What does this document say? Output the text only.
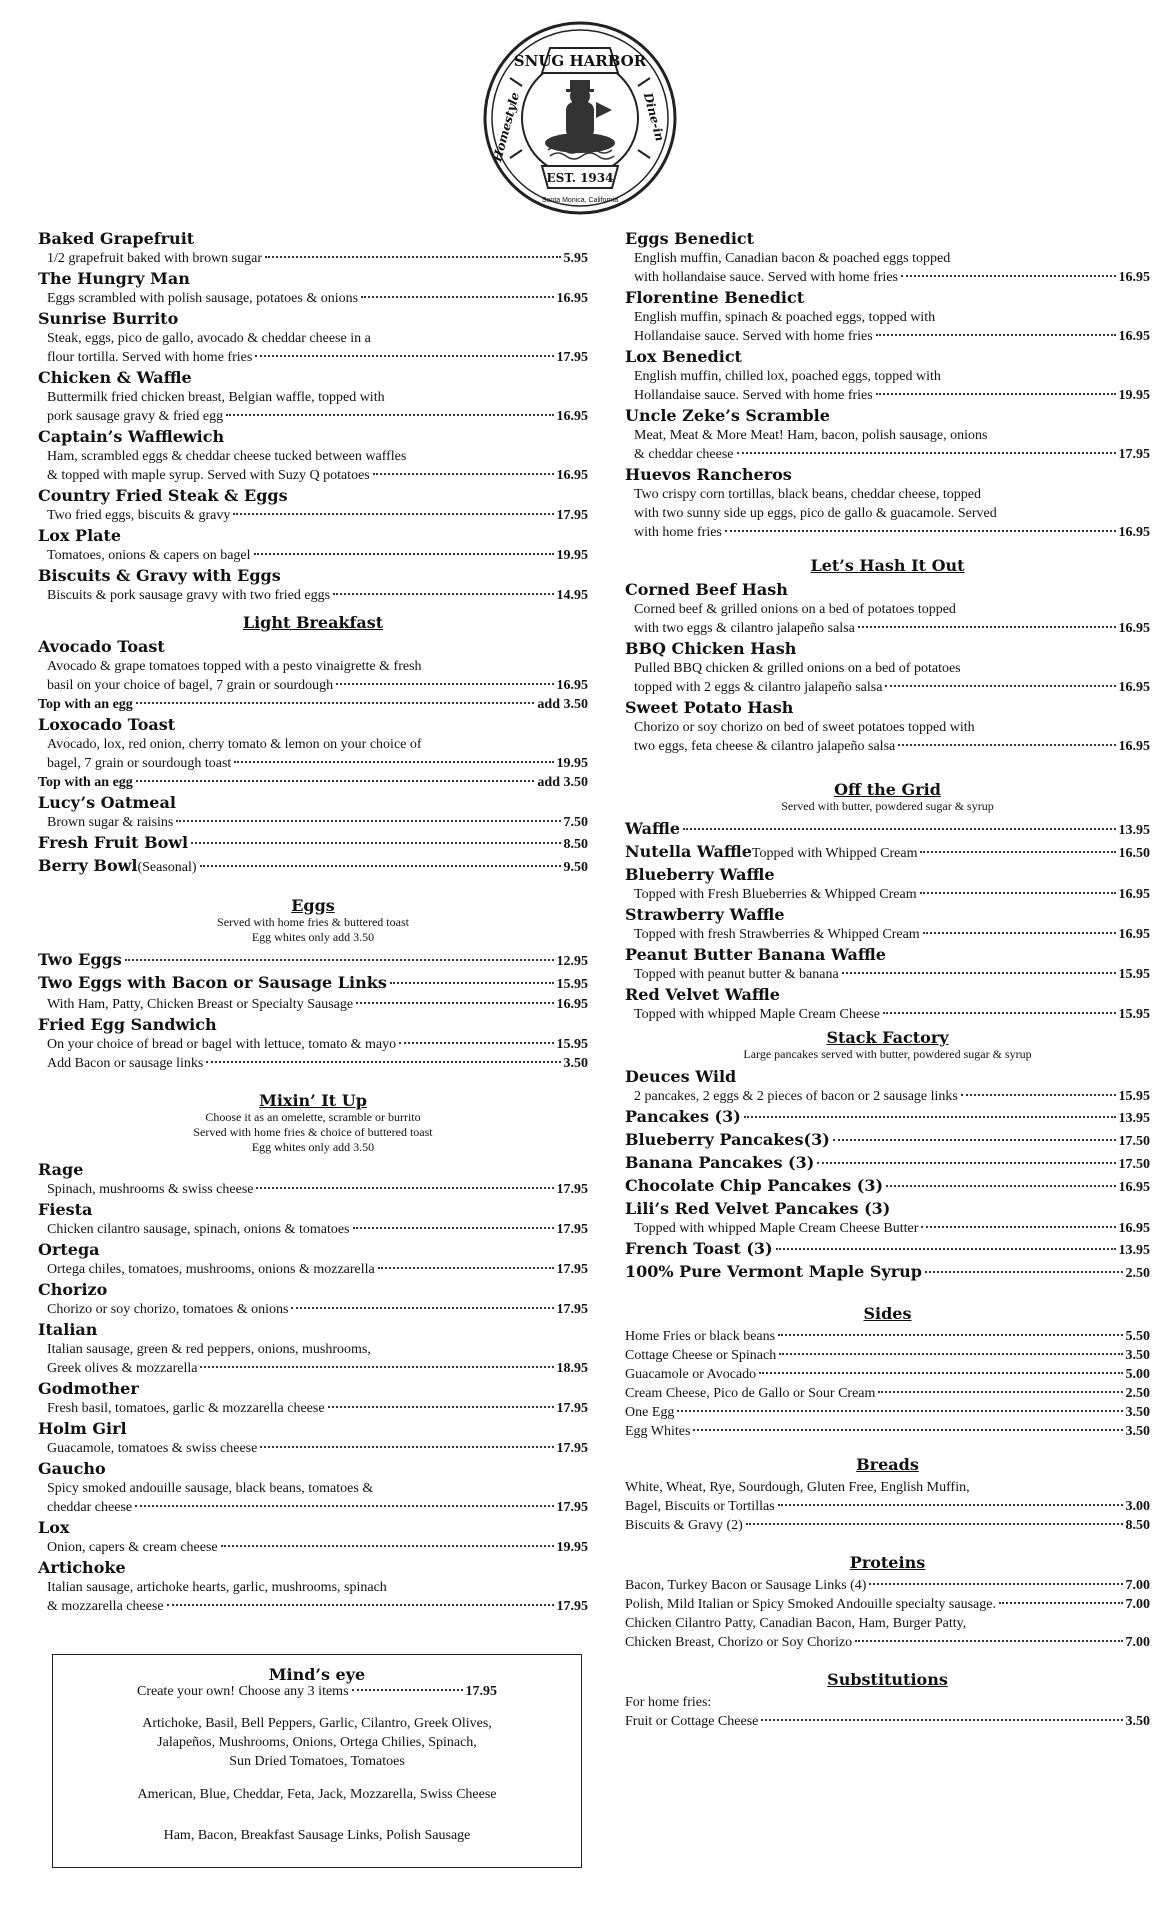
SNUG HARBOR
Homestyle	Dine-in
EST. 1934
Santa Monica, California
Baked Grapefruit
1/2 grapefruit baked with brown sugar	5.95
The Hungry Man
Eggs scrambled with polish sausage, potatoes & onions	16.95
Sunrise Burrito
Steak, eggs, pico de gallo, avocado & cheddar cheese in a
flour tortilla. Served with home fries	17.95
Chicken & Waffle
Buttermilk fried chicken breast, Belgian waffle, topped with
pork sausage gravy & fried egg	16.95
Captain’s Wafflewich
Ham, scrambled eggs & cheddar cheese tucked between waffles
& topped with maple syrup. Served with Suzy Q potatoes	16.95
Country Fried Steak & Eggs
Two fried eggs, biscuits & gravy	17.95
Lox Plate
Tomatoes, onions & capers on bagel	19.95
Biscuits & Gravy with Eggs
Biscuits & pork sausage gravy with two fried eggs	14.95
Light Breakfast
Avocado Toast
Avocado & grape tomatoes topped with a pesto vinaigrette & fresh
basil on your choice of bagel, 7 grain or sourdough	16.95
Top with an egg	add 3.50
Loxocado Toast
Avocado, lox, red onion, cherry tomato & lemon on your choice of
bagel, 7 grain or sourdough toast	19.95
Top with an egg	add 3.50
Lucy’s Oatmeal
Brown sugar & raisins	7.50
Fresh Fruit Bowl	8.50
Berry Bowl (Seasonal)	9.50
Eggs
Served with home fries & buttered toast
Egg whites only add 3.50
Two Eggs	12.95
Two Eggs with Bacon or Sausage Links	15.95
With Ham, Patty, Chicken Breast or Specialty Sausage	16.95
Fried Egg Sandwich
On your choice of bread or bagel with lettuce, tomato & mayo	15.95
Add Bacon or sausage links	3.50
Mixin’ It Up
Choose it as an omelette, scramble or burrito
Served with home fries & choice of buttered toast
Egg whites only add 3.50
Rage
Spinach, mushrooms & swiss cheese	17.95
Fiesta
Chicken cilantro sausage, spinach, onions & tomatoes	17.95
Ortega
Ortega chiles, tomatoes, mushrooms, onions & mozzarella	17.95
Chorizo
Chorizo or soy chorizo, tomatoes & onions	17.95
Italian
Italian sausage, green & red peppers, onions, mushrooms,
Greek olives & mozzarella	18.95
Godmother
Fresh basil, tomatoes, garlic & mozzarella cheese	17.95
Holm Girl
Guacamole, tomatoes & swiss cheese	17.95
Gaucho
Spicy smoked andouille sausage, black beans, tomatoes &
cheddar cheese	17.95
Lox
Onion, capers & cream cheese	19.95
Artichoke
Italian sausage, artichoke hearts, garlic, mushrooms, spinach
& mozzarella cheese	17.95
Eggs Benedict
English muffin, Canadian bacon & poached eggs topped
with hollandaise sauce. Served with home fries	16.95
Florentine Benedict
English muffin, spinach & poached eggs, topped with
Hollandaise sauce. Served with home fries	16.95
Lox Benedict
English muffin, chilled lox, poached eggs, topped with
Hollandaise sauce. Served with home fries	19.95
Uncle Zeke’s Scramble
Meat, Meat & More Meat! Ham, bacon, polish sausage, onions
& cheddar cheese	17.95
Huevos Rancheros
Two crispy corn tortillas, black beans, cheddar cheese, topped
with two sunny side up eggs, pico de gallo & guacamole. Served
with home fries	16.95
Let’s Hash It Out
Corned Beef Hash
Corned beef & grilled onions on a bed of potatoes topped
with two eggs & cilantro jalapeño salsa	16.95
BBQ Chicken Hash
Pulled BBQ chicken & grilled onions on a bed of potatoes
topped with 2 eggs & cilantro jalapeño salsa	16.95
Sweet Potato Hash
Chorizo or soy chorizo on bed of sweet potatoes topped with
two eggs, feta cheese & cilantro jalapeño salsa	16.95
Off the Grid
Served with butter, powdered sugar & syrup
Waffle	13.95
Nutella Waffle Topped with Whipped Cream	16.50
Blueberry Waffle
Topped with Fresh Blueberries & Whipped Cream	16.95
Strawberry Waffle
Topped with fresh Strawberries & Whipped Cream	16.95
Peanut Butter Banana Waffle
Topped with peanut butter & banana	15.95
Red Velvet Waffle
Topped with whipped Maple Cream Cheese	15.95
Stack Factory
Large pancakes served with butter, powdered sugar & syrup
Deuces Wild
2 pancakes, 2 eggs & 2 pieces of bacon or 2 sausage links	15.95
Pancakes (3)	13.95
Blueberry Pancakes(3)	17.50
Banana Pancakes (3)	17.50
Chocolate Chip Pancakes (3)	16.95
Lili’s Red Velvet Pancakes (3)
Topped with whipped Maple Cream Cheese Butter	16.95
French Toast (3)	13.95
100% Pure Vermont Maple Syrup	2.50
Sides
Home Fries or black beans	5.50
Cottage Cheese or Spinach	3.50
Guacamole or Avocado	5.00
Cream Cheese, Pico de Gallo or Sour Cream	2.50
One Egg	3.50
Egg Whites	3.50
Breads
White, Wheat, Rye, Sourdough, Gluten Free, English Muffin,
Bagel, Biscuits or Tortillas	3.00
Biscuits & Gravy (2)	8.50
Proteins
Bacon, Turkey Bacon or Sausage Links (4)	7.00
Polish, Mild Italian or Spicy Smoked Andouille specialty sausage.	7.00
Chicken Cilantro Patty, Canadian Bacon, Ham, Burger Patty,
Chicken Breast, Chorizo or Soy Chorizo	7.00
Substitutions
For home fries:
Fruit or Cottage Cheese	3.50
Mind’s eye
Create your own! Choose any 3 items	17.95

Artichoke, Basil, Bell Peppers, Garlic, Cilantro, Greek Olives,

Jalapeños, Mushrooms, Onions, Ortega Chilies, Spinach,

Sun Dried Tomatoes, Tomatoes

American, Blue, Cheddar, Feta, Jack, Mozzarella, Swiss Cheese

Ham, Bacon, Breakfast Sausage Links, Polish Sausage
